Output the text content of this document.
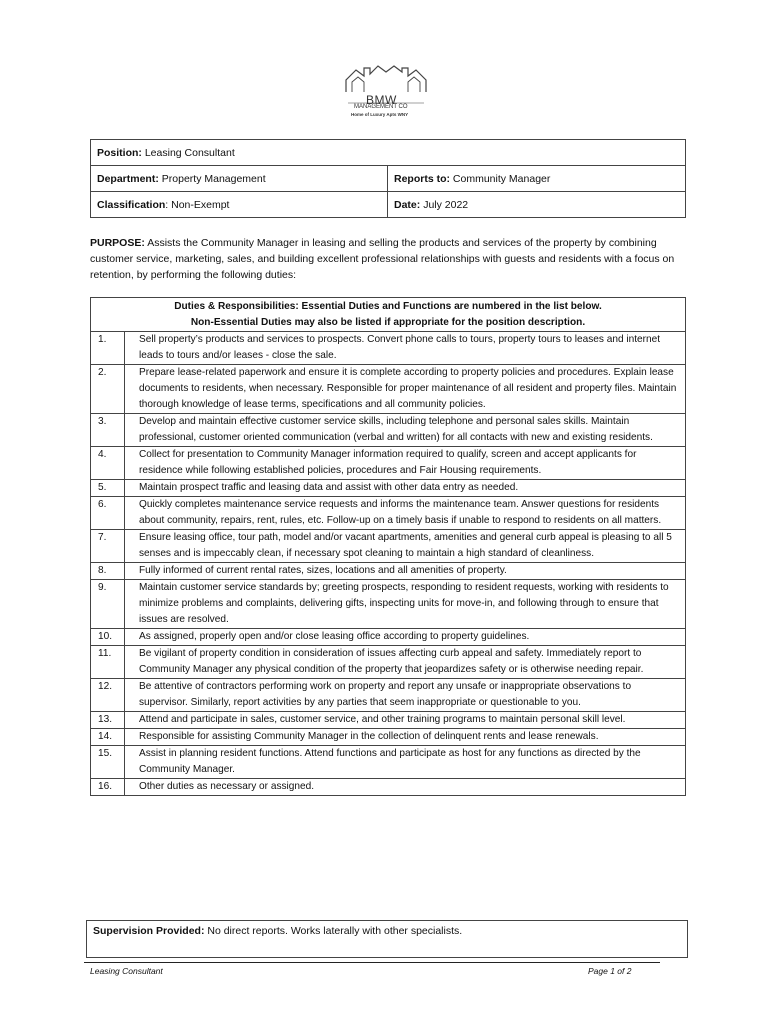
BMW
MANAGEMENT CO
Home of Luxury Apts WNY
Position: Leasing Consultant	
Department: Property Management	Reports to: Community Manager
Classification: Non-Exempt	Date: July 2022
PURPOSE: Assists the Community Manager in leasing and selling the products and services of the property by combining customer service, marketing, sales, and building excellent professional relationships with guests and residents with a focus on retention, by performing the following duties:
Duties & Responsibilities: Essential Duties and Functions are numbered in the list below.
Non-Essential Duties may also be listed if appropriate for the position description.	

1.	Sell property’s products and services to prospects. Convert phone calls to tours, property tours to leases and internet leads to tours and/or leases - close the sale.
2.	Prepare lease-related paperwork and ensure it is complete according to property policies and procedures. Explain lease documents to residents, when necessary. Responsible for proper maintenance of all resident and property files. Maintain thorough knowledge of lease terms, specifications and all community policies.
3.	Develop and maintain effective customer service skills, including telephone and personal sales skills. Maintain professional, customer oriented communication (verbal and written) for all contacts with new and existing residents.
4.	Collect for presentation to Community Manager information required to qualify, screen and accept applicants for residence while following established policies, procedures and Fair Housing requirements.
5.	Maintain prospect traffic and leasing data and assist with other data entry as needed.
6.	Quickly completes maintenance service requests and informs the maintenance team. Answer questions for residents about community, repairs, rent, rules, etc. Follow-up on a timely basis if unable to respond to residents on all matters.
7.	Ensure leasing office, tour path, model and/or vacant apartments, amenities and general curb appeal is pleasing to all 5 senses and is impeccably clean, if necessary spot cleaning to maintain a high standard of cleanliness.
8.	Fully informed of current rental rates, sizes, locations and all amenities of property.
9.	Maintain customer service standards by; greeting prospects, responding to resident requests, working with residents to minimize problems and complaints, delivering gifts, inspecting units for move-in, and following through to ensure that issues are resolved.
10.	As assigned, properly open and/or close leasing office according to property guidelines.
11.	Be vigilant of property condition in consideration of issues affecting curb appeal and safety. Immediately report to Community Manager any physical condition of the property that jeopardizes safety or is otherwise needing repair.
12.	Be attentive of contractors performing work on property and report any unsafe or inappropriate observations to supervisor. Similarly, report activities by any parties that seem inappropriate or questionable to you.
13.	Attend and participate in sales, customer service, and other training programs to maintain personal skill level.
14.	Responsible for assisting Community Manager in the collection of delinquent rents and lease renewals.
15.	Assist in planning resident functions. Attend functions and participate as host for any functions as directed by the Community Manager.
16.	Other duties as necessary or assigned.
Supervision Provided: No direct reports. Works laterally with other specialists.
Leasing Consultant	Page 1 of 2
